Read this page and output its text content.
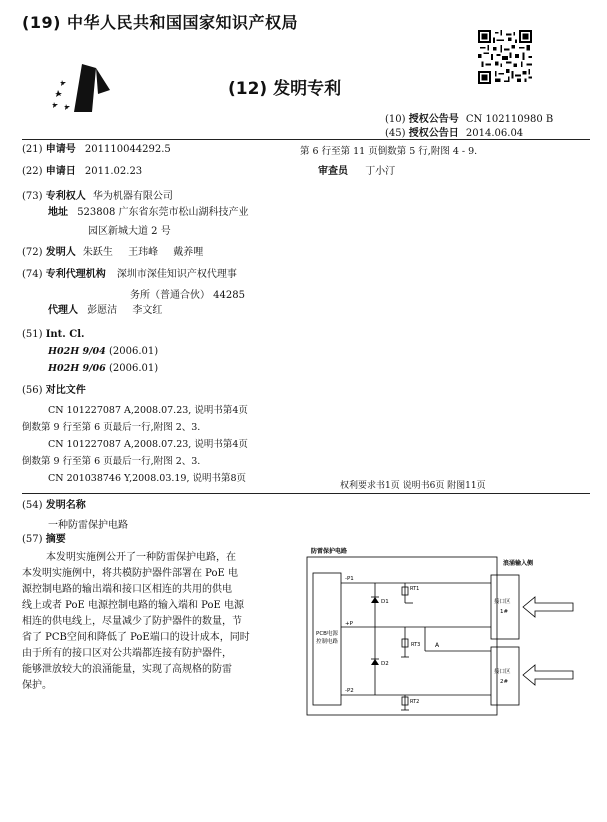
(19) 中华人民共和国国家知识产权局
(12) 发明专利
(10) 授权公告号 CN 102110980 B
(45) 授权公告日 2014.06.04
(21) 申请号 201110044292.5
(22) 申请日 2011.02.23
(73) 专利权人 华为机器有限公司
地址 523808 广东省东莞市松山湖科技产业
园区新城大道 2 号
(72) 发明人 朱跃生 王玮峰 戴养哩
(74) 专利代理机构 深圳市深佳知识产权代理事
务所（普通合伙） 44285
代理人 彭愿洁 李文红
(51) Int. Cl.
H02H 9/04 (2006.01)
H02H 9/06 (2006.01)
(56) 对比文件
CN 101227087 A,2008.07.23, 说明书第4页
倒数第 9 行至第 6 页最后一行,附图 2、3.
CN 101227087 A,2008.07.23, 说明书第4页
倒数第 9 行至第 6 页最后一行,附图 2、3.
CN 201038746 Y,2008.03.19, 说明书第8页
第 6 行至第 11 页倒数第 5 行,附图 4 - 9.
审查员 丁小汀
权利要求书1页 说明书6页 附图11页
(54) 发明名称
一种防雷保护电路
(57) 摘要

本发明实施例公开了一种防雷保护电路，在

本发明实施例中，将共模防护器件部署在 PoE 电

源控制电路的输出端和接口区相连的共用的供电

线上或者 PoE 电源控制电路的输入端和 PoE 电源

相连的供电线上，尽量减少了防护器件的数量，节

省了 PCB空间和降低了 PoE端口的设计成本，同时

由于所有的接口区对公共端都连接有防护器件，

能够泄放较大的浪涌能量，实现了高规格的防雷

保护。

防雷保护电路
浪涌输入侧
PCB电源
控制电路
-P1
+P
-P2
D1
D2
RT1
RT2
RT3 A
接口区
1#
接口区
2#
